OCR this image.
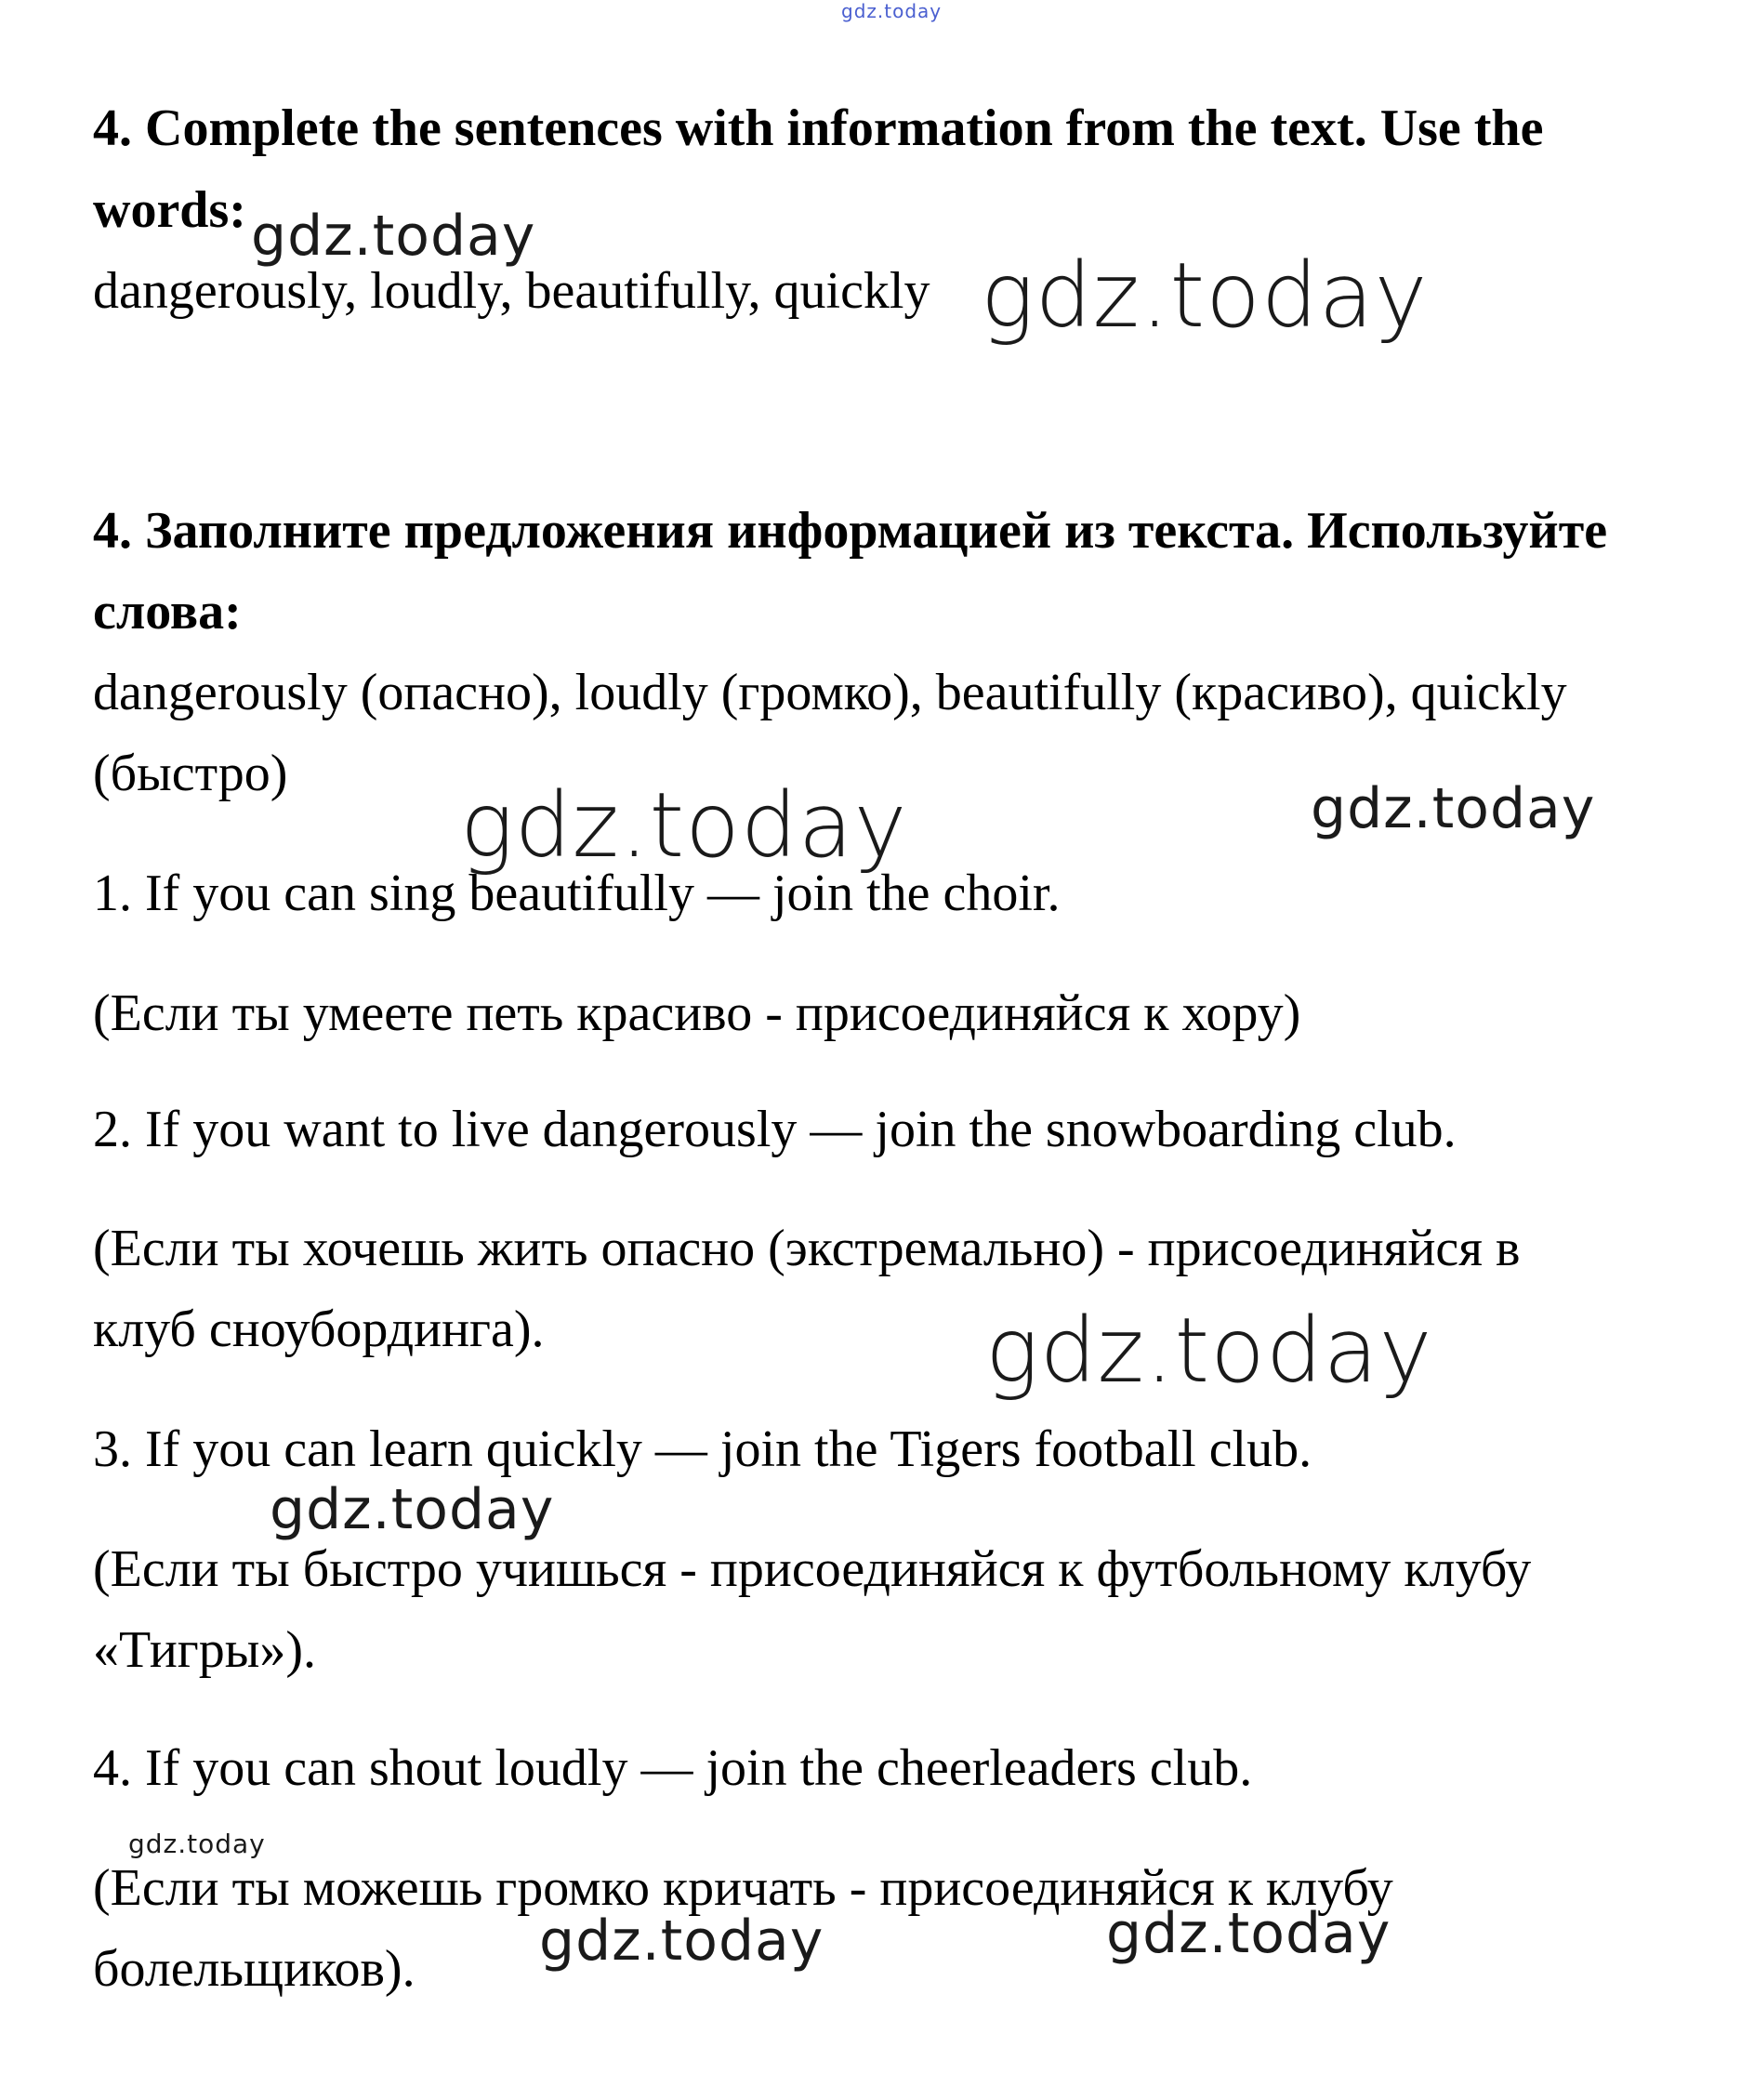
gdz.today
gdz.today
gdz.today
gdz.today	gdz.today
gdz.today
gdz.today
gdz.today
gdz.today	gdz.today
4. Complete the sentences with information from the text. Use the
words:
dangerously, loudly, beautifully, quickly
4. Заполните предложения информацией из текста. Используйте
слова:
dangerously (опасно), loudly (громко), beautifully (красиво), quickly
(быстро)
1. If you can sing beautifully — join the choir.
(Если ты умеете петь красиво - присоединяйся к хору)
2. If you want to live dangerously — join the snowboarding club.
(Если ты хочешь жить опасно (экстремально) - присоединяйся в
клуб сноубординга).
3. If you can learn quickly — join the Tigers football club.
(Если ты быстро учишься - присоединяйся к футбольному клубу
«Тигры»).
4. If you can shout loudly — join the cheerleaders club.
(Если ты можешь громко кричать - присоединяйся к клубу
болельщиков).
